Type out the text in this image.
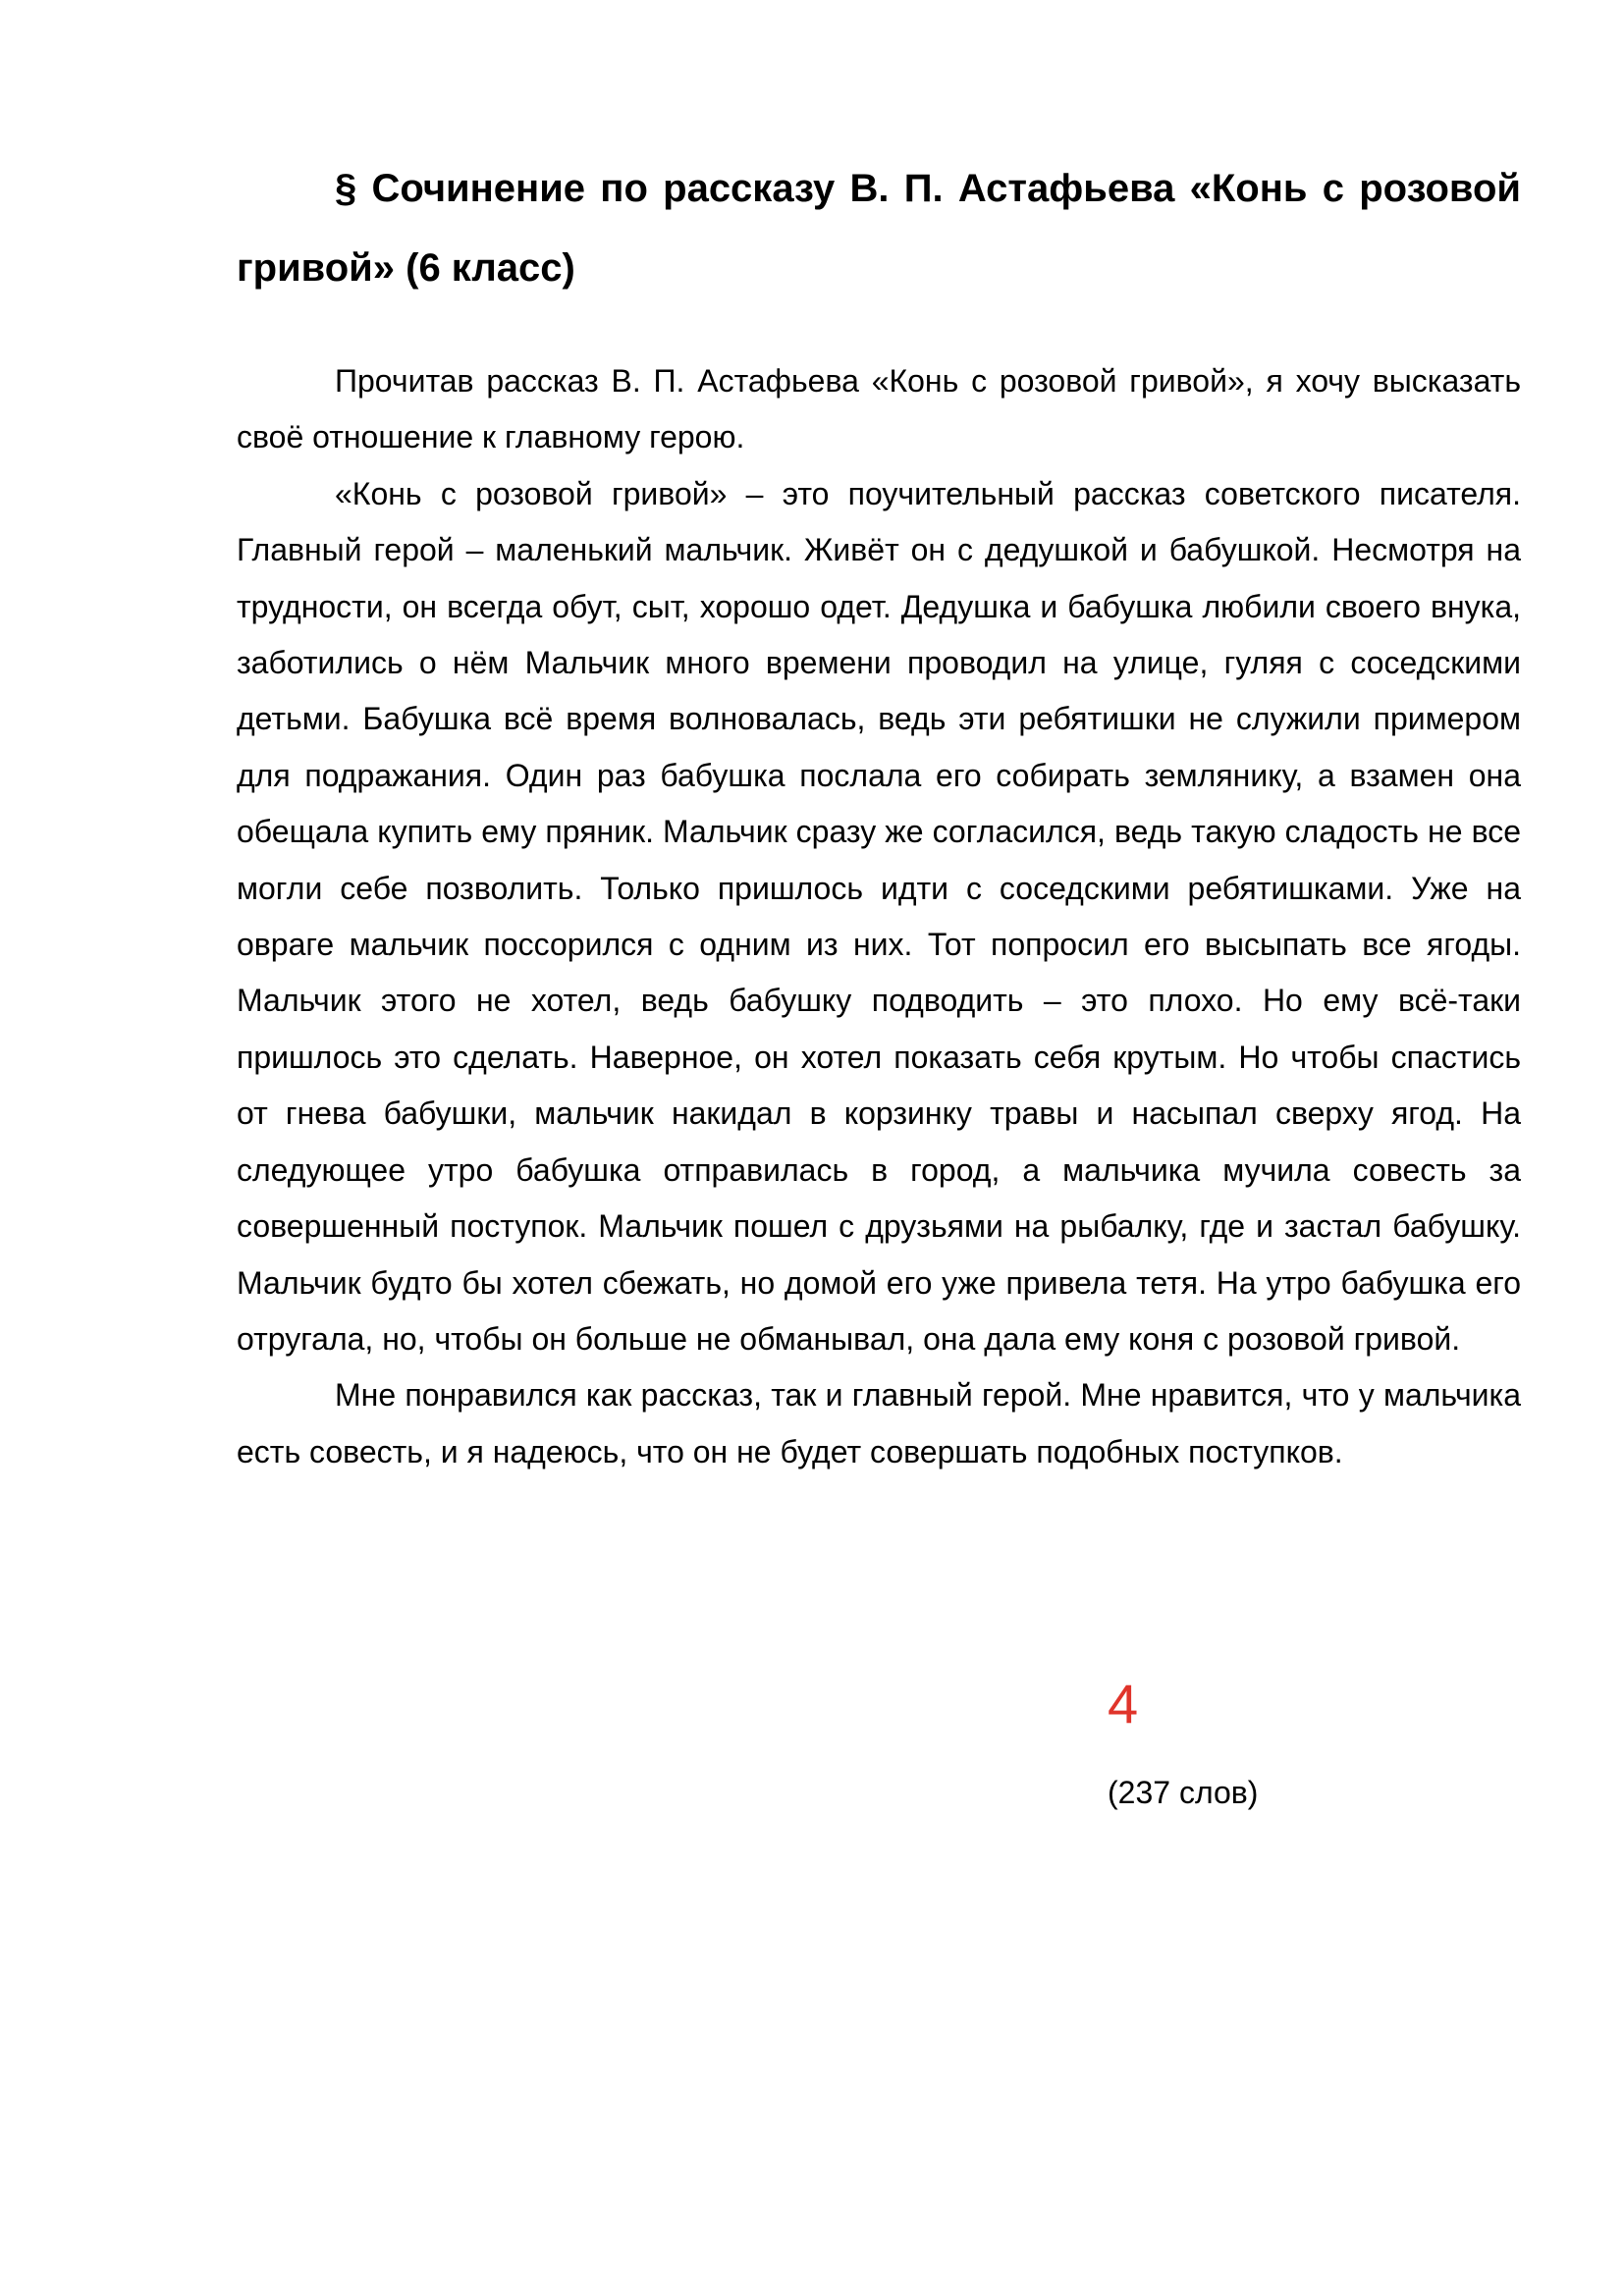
§ Сочинение по рассказу В. П. Астафьева «Конь с розовой гривой» (6 класс)

Прочитав рассказ В. П. Астафьева «Конь с розовой гривой», я хочу высказать своё отношение к главному герою.

«Конь с розовой гривой» – это поучительный рассказ советского писателя. Главный герой – маленький мальчик. Живёт он с дедушкой и бабушкой. Несмотря на трудности, он всегда обут, сыт, хорошо одет. Дедушка и бабушка любили своего внука, заботились о нём Мальчик много времени проводил на улице, гуляя с соседскими детьми. Бабушка всё время волновалась, ведь эти ребятишки не служили примером для подражания. Один раз бабушка послала его собирать землянику, а взамен она обещала купить ему пряник. Мальчик сразу же согласился, ведь такую сладость не все могли себе позволить. Только пришлось идти с соседскими ребятишками. Уже на овраге мальчик поссорился с одним из них. Тот попросил его высыпать все ягоды. Мальчик этого не хотел, ведь бабушку подводить – это плохо. Но ему всё-таки пришлось это сделать. Наверное, он хотел показать себя крутым. Но чтобы спастись от гнева бабушки, мальчик накидал в корзинку травы и насыпал сверху ягод. На следующее утро бабушка отправилась в город, а мальчика мучила совесть за совершенный поступок. Мальчик пошел с друзьями на рыбалку, где и застал бабушку. Мальчик будто бы хотел сбежать, но домой его уже привела тетя. На утро бабушка его отругала, но, чтобы он больше не обманывал, она дала ему коня с розовой гривой.

Мне понравился как рассказ, так и главный герой. Мне нравится, что у мальчика есть совесть, и я надеюсь, что он не будет совершать подобных поступков.

4
(237 слов)
